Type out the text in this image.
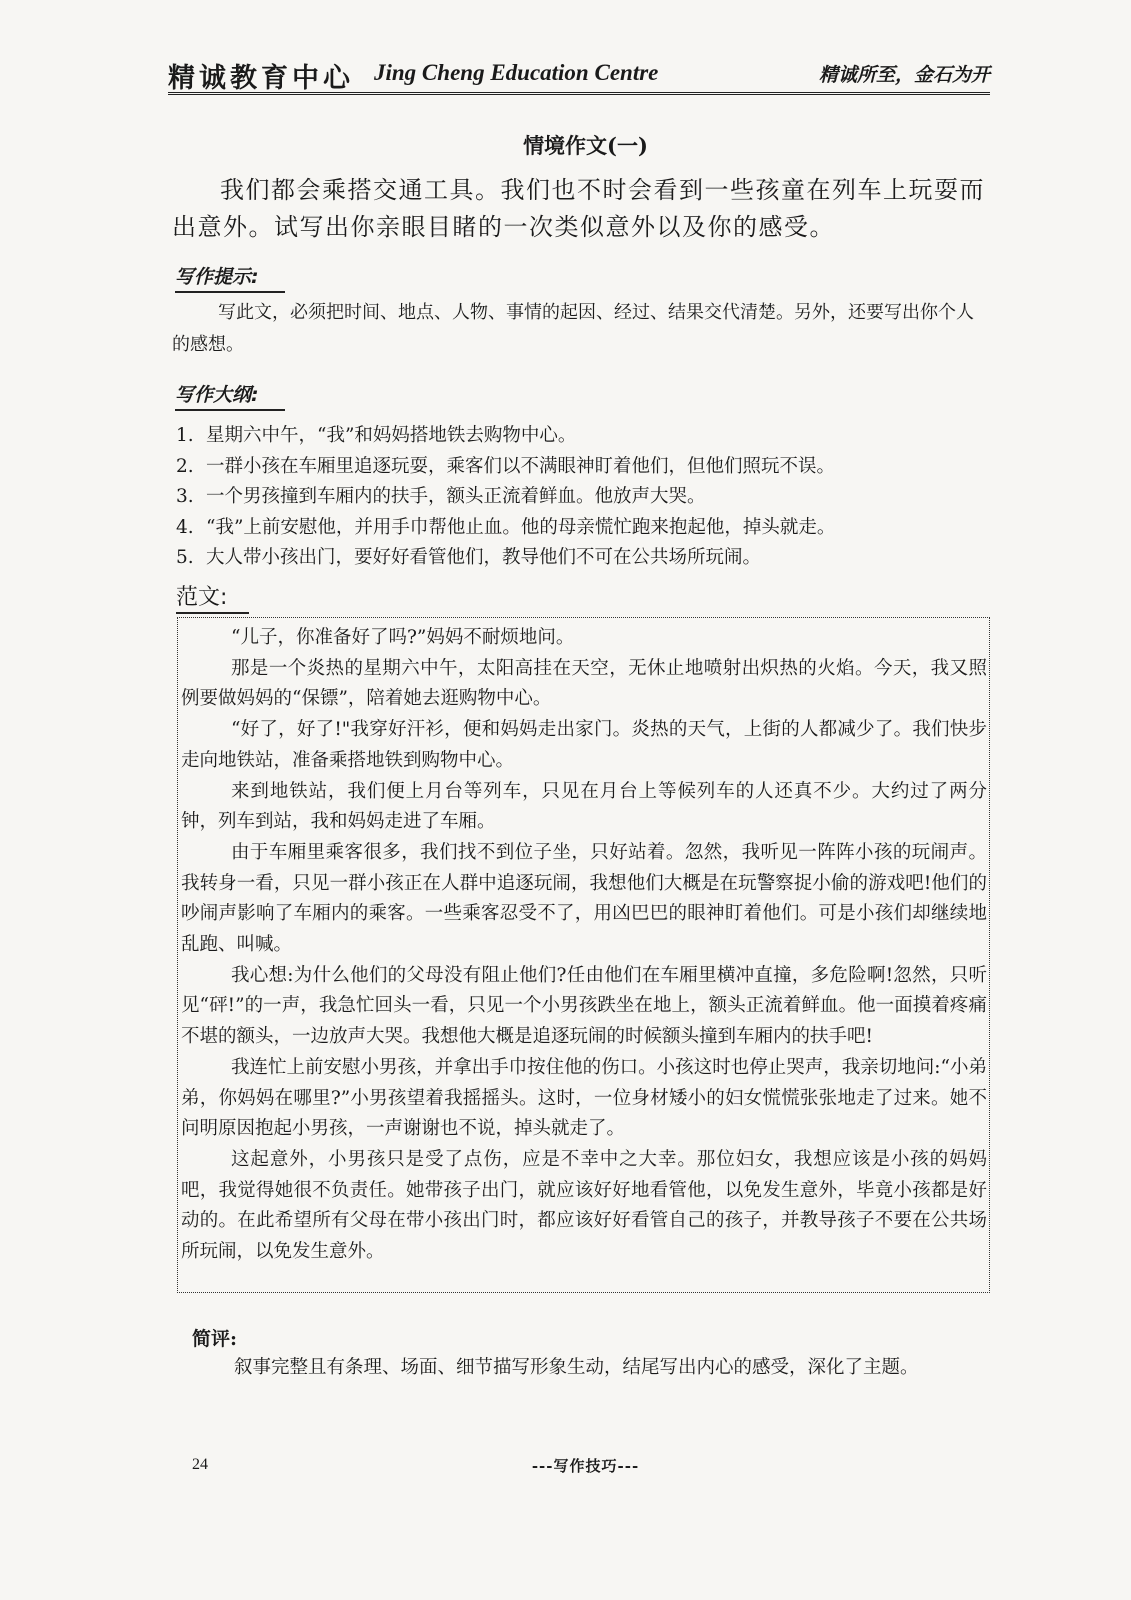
精诚教育中心 Jing Cheng Education Centre	精诚所至，金石为开
情境作文(一)
我们都会乘搭交通工具。我们也不时会看到一些孩童在列车上玩耍而出意外。试写出你亲眼目睹的一次类似意外以及你的感受。
写作提示:
写此文，必须把时间、地点、人物、事情的起因、经过、结果交代清楚。另外，还要写出你个人的感想。
写作大纲:
1. 星期六中午，“我”和妈妈搭地铁去购物中心。
2. 一群小孩在车厢里追逐玩耍，乘客们以不满眼神盯着他们，但他们照玩不误。
3. 一个男孩撞到车厢内的扶手，额头正流着鲜血。他放声大哭。
4. “我”上前安慰他，并用手巾帮他止血。他的母亲慌忙跑来抱起他，掉头就走。
5. 大人带小孩出门，要好好看管他们，教导他们不可在公共场所玩闹。
范文:

“儿子，你准备好了吗?”妈妈不耐烦地问。

那是一个炎热的星期六中午，太阳高挂在天空，无休止地喷射出炽热的火焰。今天，我又照例要做妈妈的“保镖”，陪着她去逛购物中心。

“好了，好了!"我穿好汗衫，便和妈妈走出家门。炎热的天气，上街的人都减少了。我们快步走向地铁站，准备乘搭地铁到购物中心。

来到地铁站，我们便上月台等列车，只见在月台上等候列车的人还真不少。大约过了两分钟，列车到站，我和妈妈走进了车厢。

由于车厢里乘客很多，我们找不到位子坐，只好站着。忽然，我听见一阵阵小孩的玩闹声。我转身一看，只见一群小孩正在人群中追逐玩闹，我想他们大概是在玩警察捉小偷的游戏吧!他们的吵闹声影响了车厢内的乘客。一些乘客忍受不了，用凶巴巴的眼神盯着他们。可是小孩们却继续地乱跑、叫喊。

我心想:为什么他们的父母没有阻止他们?任由他们在车厢里横冲直撞，多危险啊!忽然，只听见“砰!”的一声，我急忙回头一看，只见一个小男孩跌坐在地上，额头正流着鲜血。他一面摸着疼痛不堪的额头，一边放声大哭。我想他大概是追逐玩闹的时候额头撞到车厢内的扶手吧!

我连忙上前安慰小男孩，并拿出手巾按住他的伤口。小孩这时也停止哭声，我亲切地问:“小弟弟，你妈妈在哪里?”小男孩望着我摇摇头。这时，一位身材矮小的妇女慌慌张张地走了过来。她不问明原因抱起小男孩，一声谢谢也不说，掉头就走了。

这起意外，小男孩只是受了点伤，应是不幸中之大幸。那位妇女，我想应该是小孩的妈妈吧，我觉得她很不负责任。她带孩子出门，就应该好好地看管他，以免发生意外，毕竟小孩都是好动的。在此希望所有父母在带小孩出门时，都应该好好看管自己的孩子，并教导孩子不要在公共场所玩闹，以免发生意外。

简评:
叙事完整且有条理、场面、细节描写形象生动，结尾写出内心的感受，深化了主题。
24	---写作技巧---
